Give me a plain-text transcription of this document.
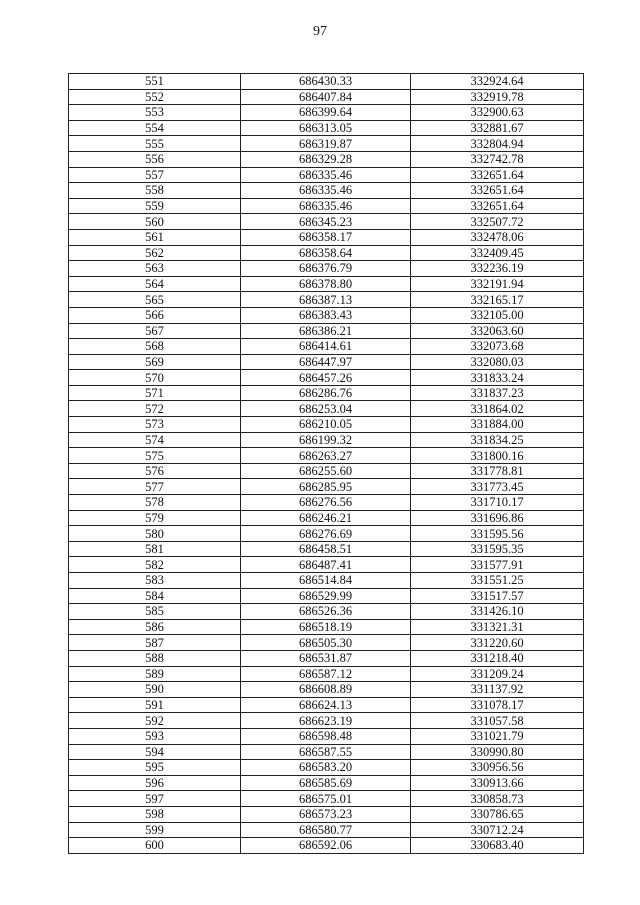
97
551	686430.33	332924.64
552	686407.84	332919.78
553	686399.64	332900.63
554	686313.05	332881.67
555	686319.87	332804.94
556	686329.28	332742.78
557	686335.46	332651.64
558	686335.46	332651.64
559	686335.46	332651.64
560	686345.23	332507.72
561	686358.17	332478.06
562	686358.64	332409.45
563	686376.79	332236.19
564	686378.80	332191.94
565	686387.13	332165.17
566	686383.43	332105.00
567	686386.21	332063.60
568	686414.61	332073.68
569	686447.97	332080.03
570	686457.26	331833.24
571	686286.76	331837.23
572	686253.04	331864.02
573	686210.05	331884.00
574	686199.32	331834.25
575	686263.27	331800.16
576	686255.60	331778.81
577	686285.95	331773.45
578	686276.56	331710.17
579	686246.21	331696.86
580	686276.69	331595.56
581	686458.51	331595.35
582	686487.41	331577.91
583	686514.84	331551.25
584	686529.99	331517.57
585	686526.36	331426.10
586	686518.19	331321.31
587	686505.30	331220.60
588	686531.87	331218.40
589	686587.12	331209.24
590	686608.89	331137.92
591	686624.13	331078.17
592	686623.19	331057.58
593	686598.48	331021.79
594	686587.55	330990.80
595	686583.20	330956.56
596	686585.69	330913.66
597	686575.01	330858.73
598	686573.23	330786.65
599	686580.77	330712.24
600	686592.06	330683.40
